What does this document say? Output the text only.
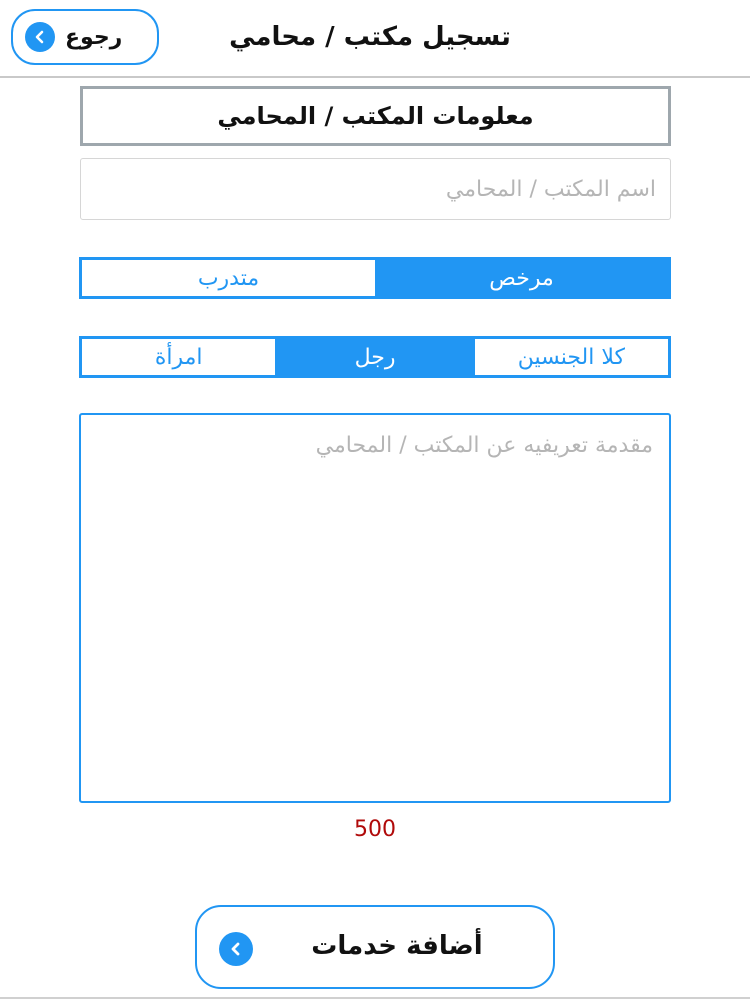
رجوع	تسجيل مكتب / محامي
معلومات المكتب / المحامي
اسم المكتب / المحامي
مرخص
متدرب
كلا الجنسين
رجل
امرأة
مقدمة تعريفيه عن المكتب / المحامي
500
أضافة خدمات
